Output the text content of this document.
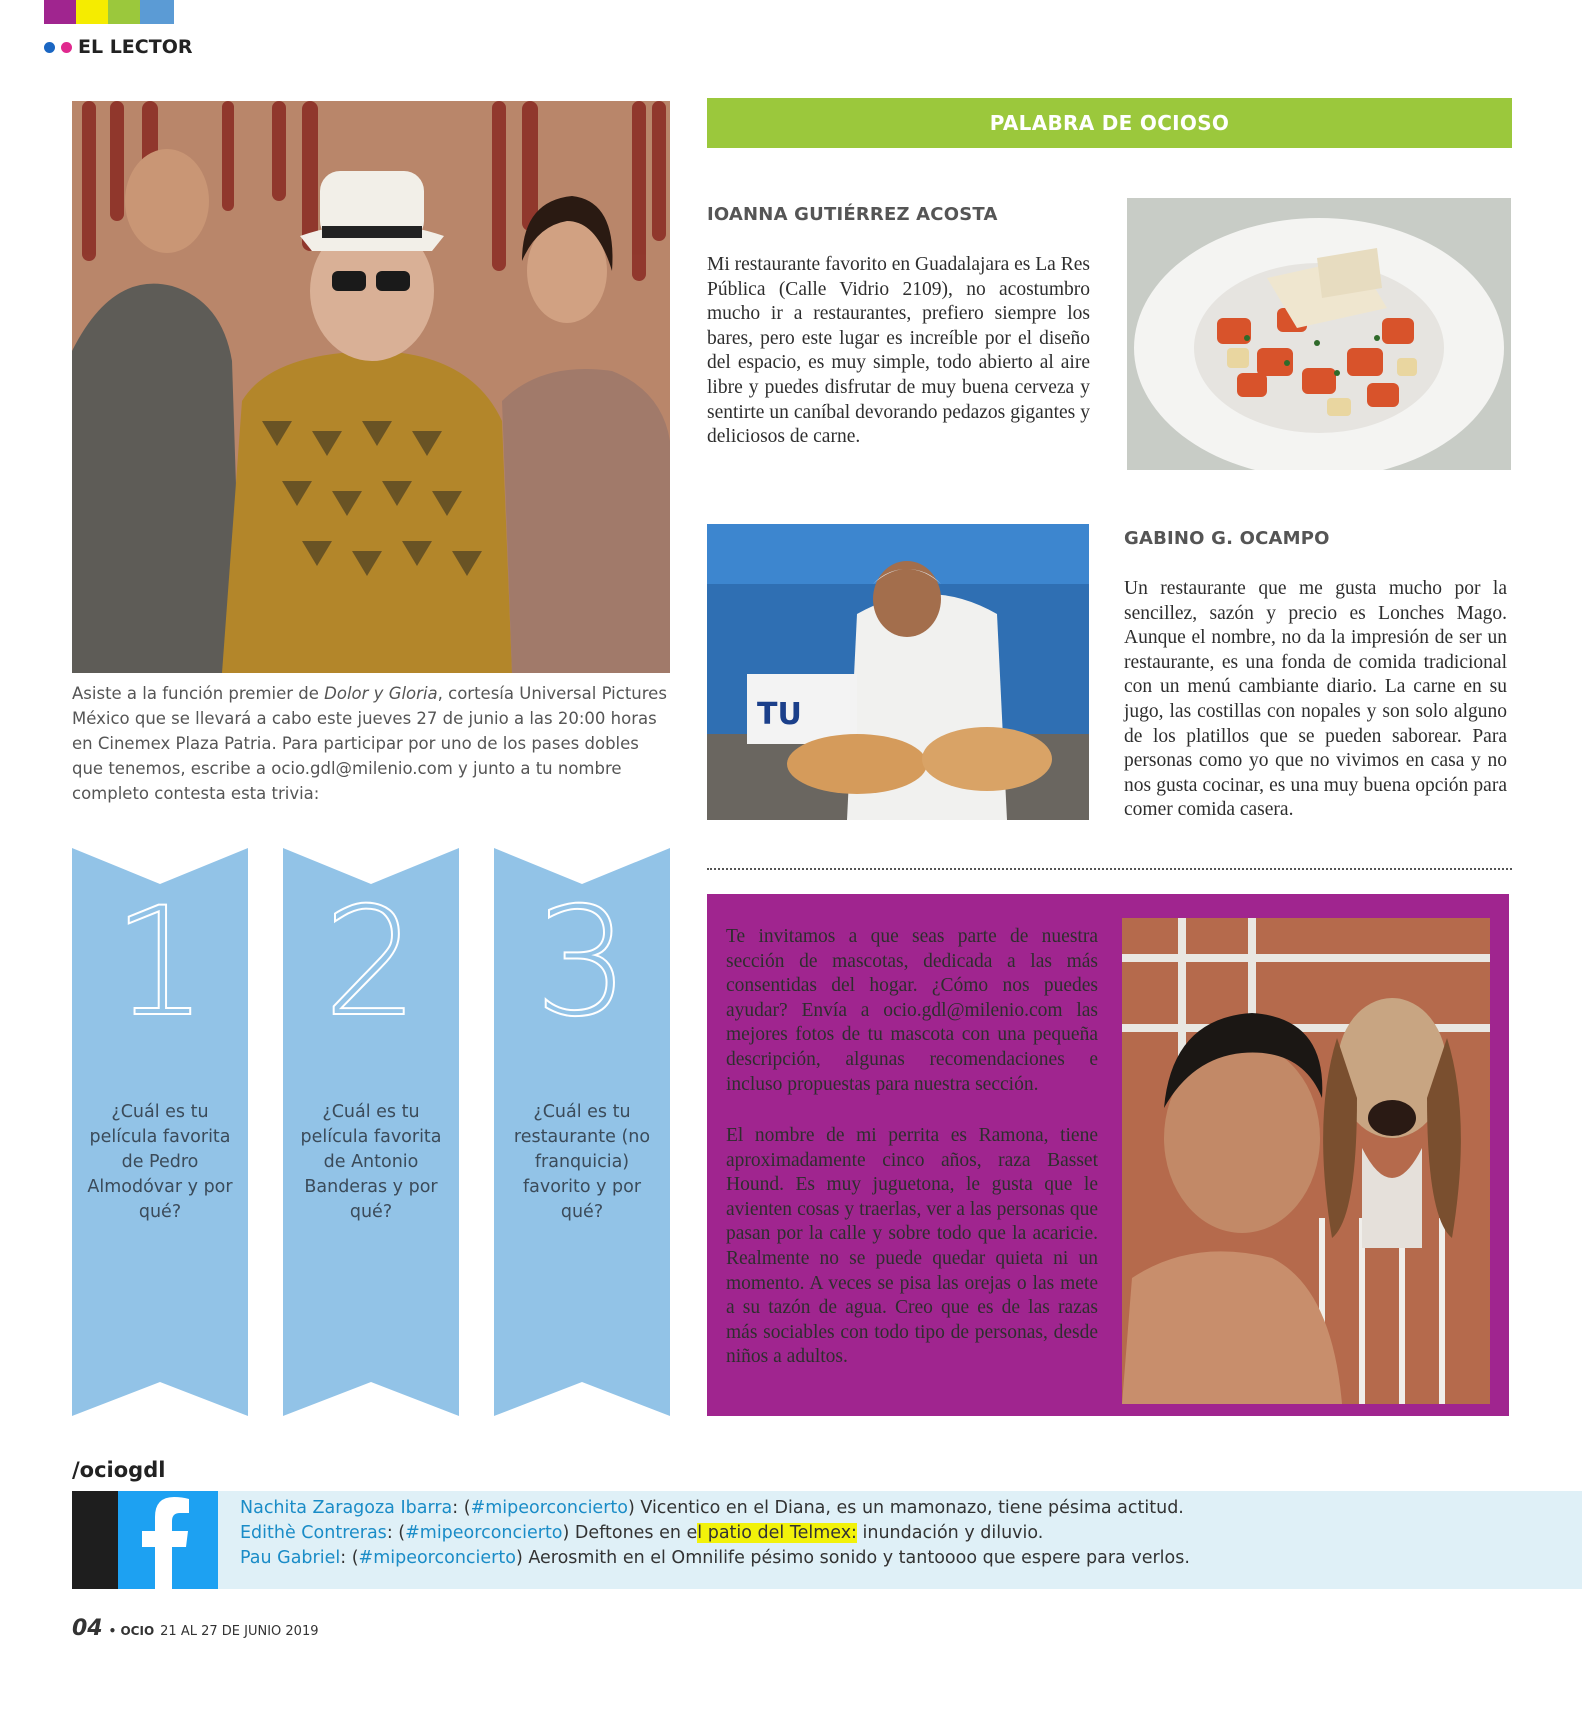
EL LECTOR
Asiste a la función premier de Dolor y Gloria, cortesía Universal Pictures México que se llevará a cabo este jueves 27 de junio a las 20:00 horas en Cinemex Plaza Patria. Para participar por uno de los pases dobles que tenemos, escribe a ocio.gdl@milenio.com y junto a tu nombre completo contesta esta trivia:
1
¿Cuál es tu película favorita de Pedro Almodóvar y por qué?
2
¿Cuál es tu película favorita de Antonio Banderas y por qué?
3
¿Cuál es tu restaurante (no franquicia) favorito y por qué?
PALABRA DE OCIOSO
IOANNA GUTIÉRREZ ACOSTA
Mi restaurante favorito en Guadalajara es La Res Pública (Calle Vidrio 2109), no acostumbro mucho ir a restaurantes, prefiero siempre los bares, pero este lugar es increíble por el diseño del espacio, es muy simple, todo abierto al aire libre y puedes disfrutar de muy buena cerveza y sentirte un caníbal devorando pedazos gigantes y deliciosos de carne.
TU
GABINO G. OCAMPO
Un restaurante que me gusta mucho por la sencillez, sazón y precio es Lonches Mago. Aunque el nombre, no da la impresión de ser un restaurante, es una fonda de comida tradicional con un menú cambiante diario. La carne en su jugo, las costillas con nopales y son solo alguno de los platillos que se pueden saborear. Para personas como yo que no vivimos en casa y no nos gusta cocinar, es una muy buena opción para comer comida casera.
Te invitamos a que seas parte de nuestra sección de mascotas, dedicada a las más consentidas del hogar. ¿Cómo nos puedes ayudar? Envía a ocio.gdl@milenio.com las mejores fotos de tu mascota con una pequeña descripción, algunas recomendaciones e incluso propuestas para nuestra sección.
El nombre de mi perrita es Ramona, tiene aproximadamente cinco años, raza Basset Hound. Es muy juguetona, le gusta que le avienten cosas y traerlas, ver a las personas que pasan por la calle y sobre todo que la acaricie. Realmente no se puede quedar quieta ni un momento. A veces se pisa las orejas o las mete a su tazón de agua. Creo que es de las razas más sociables con todo tipo de personas, desde niños a adultos.
/ociogdl
Nachita Zaragoza Ibarra: (#mipeorconcierto) Vicentico en el Diana, es un mamonazo, tiene pésima actitud.
Edithè Contreras: (#mipeorconcierto) Deftones en el patio del Telmex: inundación y diluvio.
Pau Gabriel: (#mipeorconcierto) Aerosmith en el Omnilife pésimo sonido y tantoooo que espere para verlos.
04 • OCIO 21 AL 27 DE JUNIO 2019
